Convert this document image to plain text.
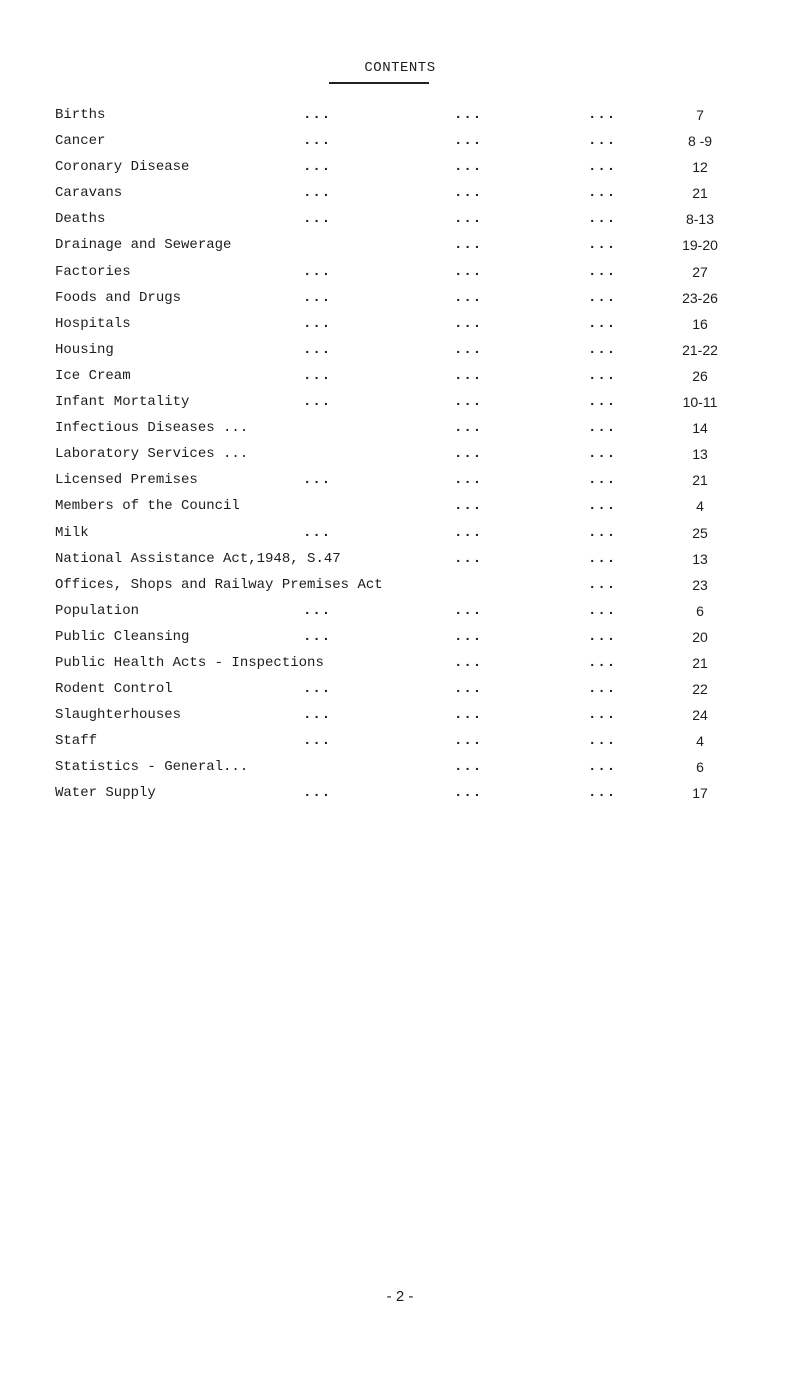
CONTENTS
Births	...	...	...	7
Cancer	...	...	...	8 -9
Coronary Disease	...	...	...	12
Caravans	...	...	...	21
Deaths	...	...	...	8-13
Drainage and Sewerage	...	...	19-20
Factories	...	...	...	27
Foods and Drugs	...	...	...	23-26
Hospitals	...	...	...	16
Housing	...	...	...	21-22
Ice Cream	...	...	...	26
Infant Mortality	...	...	...	10-11
Infectious Diseases ...	...	...	14
Laboratory Services ...	...	...	13
Licensed Premises	...	...	...	21
Members of the Council	...	...	4
Milk	...	...	...	25
National Assistance Act,1948, S.47	...	...	13
Offices, Shops and Railway Premises Act	...	23
Population	...	...	...	6
Public Cleansing	...	...	...	20
Public Health Acts - Inspections	...	...	21
Rodent Control	...	...	...	22
Slaughterhouses	...	...	...	24
Staff	...	...	...	4
Statistics - General...	...	...	6
Water Supply	...	...	...	17
- 2 -
